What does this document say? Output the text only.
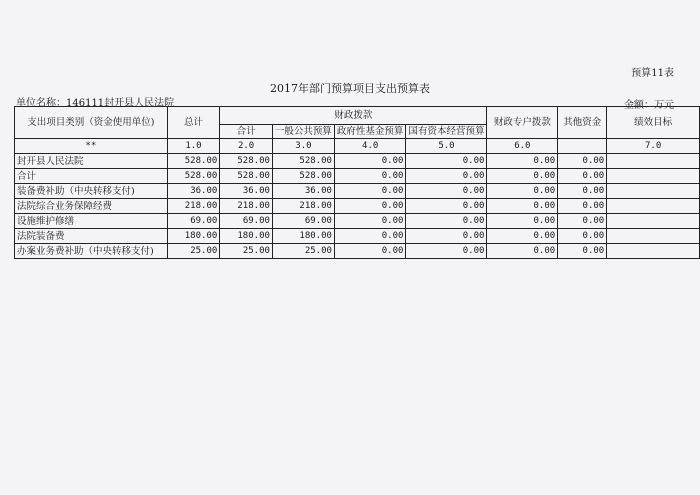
预算11表
2017年部门预算项目支出预算表
单位名称：146111封开县人民法院	金额：万元
支出项目类别（资金使用单位)	总计	财政拨款				财政专户拨款	其他资金	绩效目标
		合计	一般公共预算	政府性基金预算	国有资本经营预算			
**	1.0	2.0	3.0	4.0	5.0	6.0		7.0
封开县人民法院	528.00	528.00	528.00	0.00	0.00	0.00	0.00	
合计	528.00	528.00	528.00	0.00	0.00	0.00	0.00	
装备费补助（中央转移支付)	36.00	36.00	36.00	0.00	0.00	0.00	0.00	
法院综合业务保障经费	218.00	218.00	218.00	0.00	0.00	0.00	0.00	
设施维护修缮	69.00	69.00	69.00	0.00	0.00	0.00	0.00	
法院装备费	180.00	180.00	180.00	0.00	0.00	0.00	0.00	
办案业务费补助（中央转移支付)	25.00	25.00	25.00	0.00	0.00	0.00	0.00	
